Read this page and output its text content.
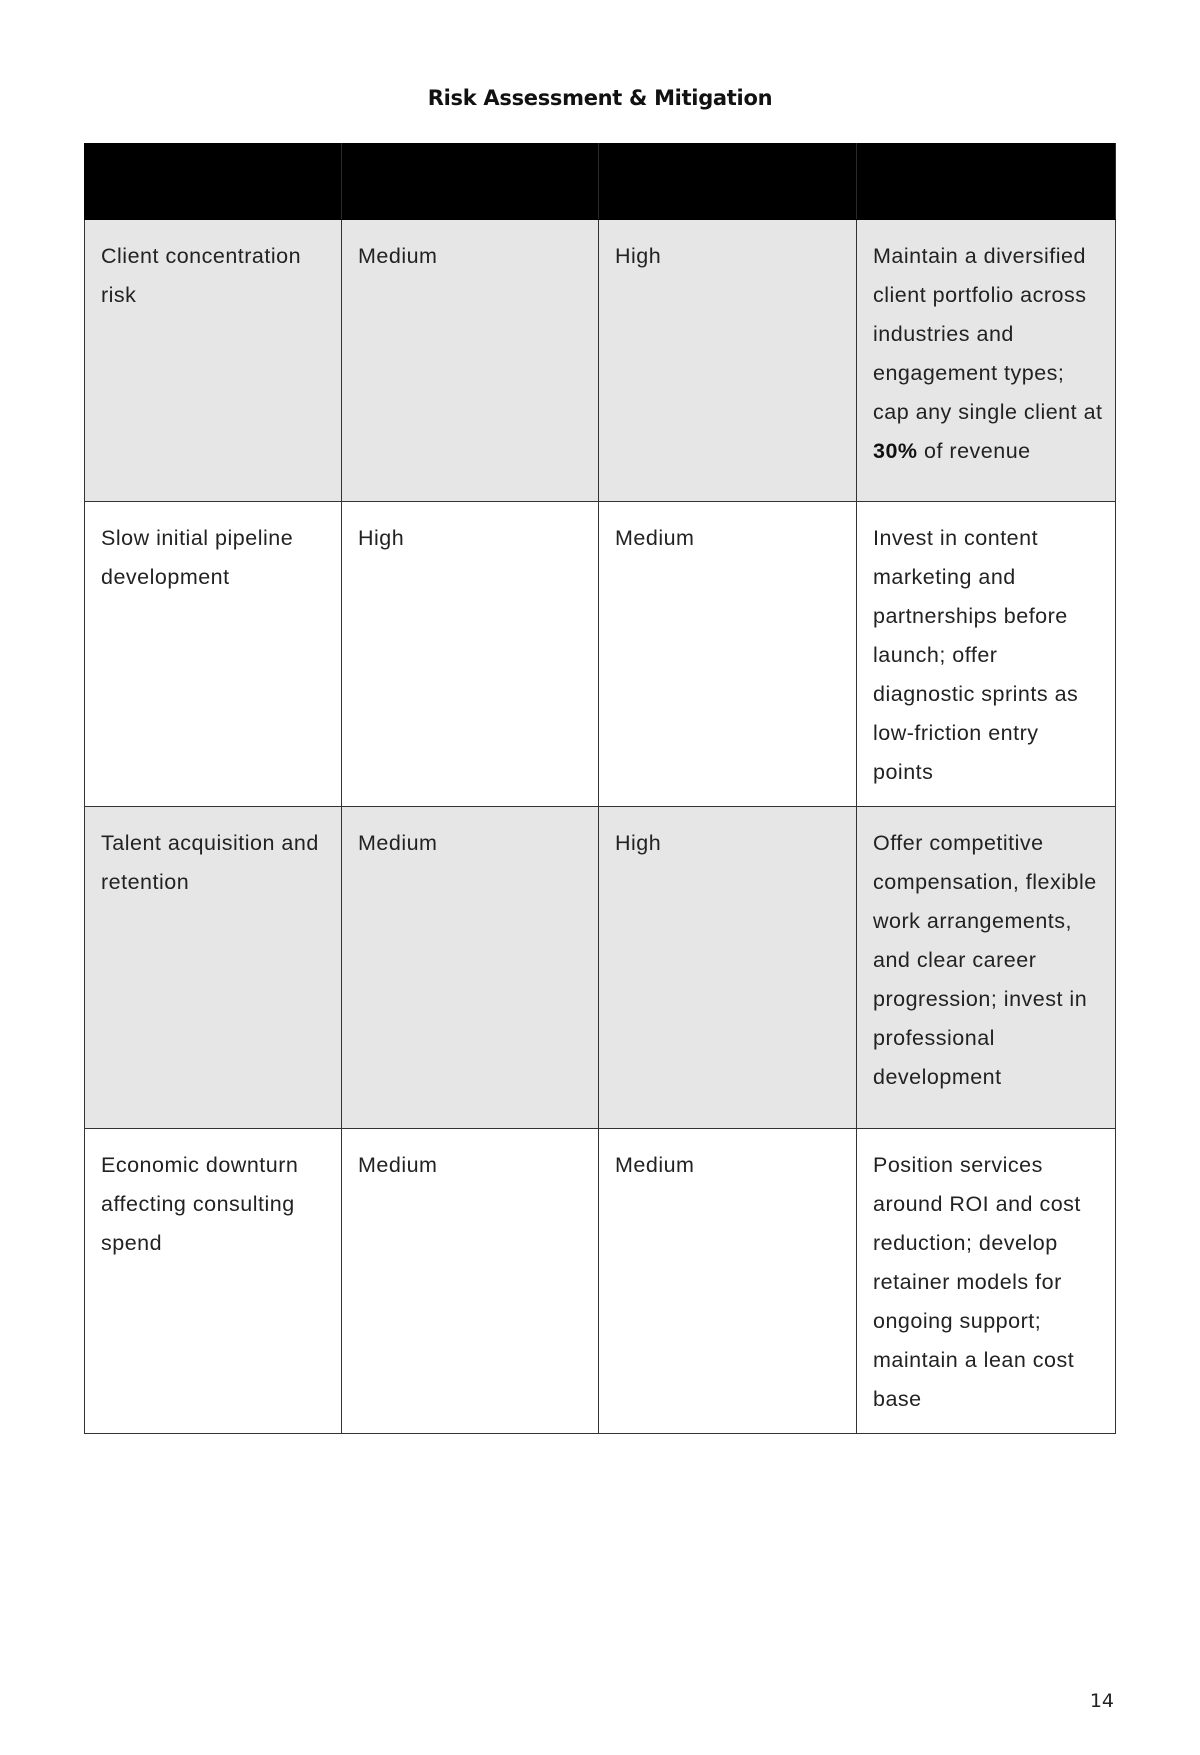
Risk Assessment & Mitigation

Client concentration risk	Medium	High	Maintain a diversified client portfolio across industries and engagement types; cap any single client at 30% of revenue

Slow initial pipeline development	High	Medium	Invest in content marketing and partnerships before launch; offer diagnostic sprints as low-friction entry points

Talent acquisition and retention	Medium	High	Offer competitive compensation, flexible work arrangements, and clear career progression; invest in professional development

Economic downturn affecting consulting spend	Medium	Medium	Position services around ROI and cost reduction; develop retainer models for ongoing support; maintain a lean cost base
14
